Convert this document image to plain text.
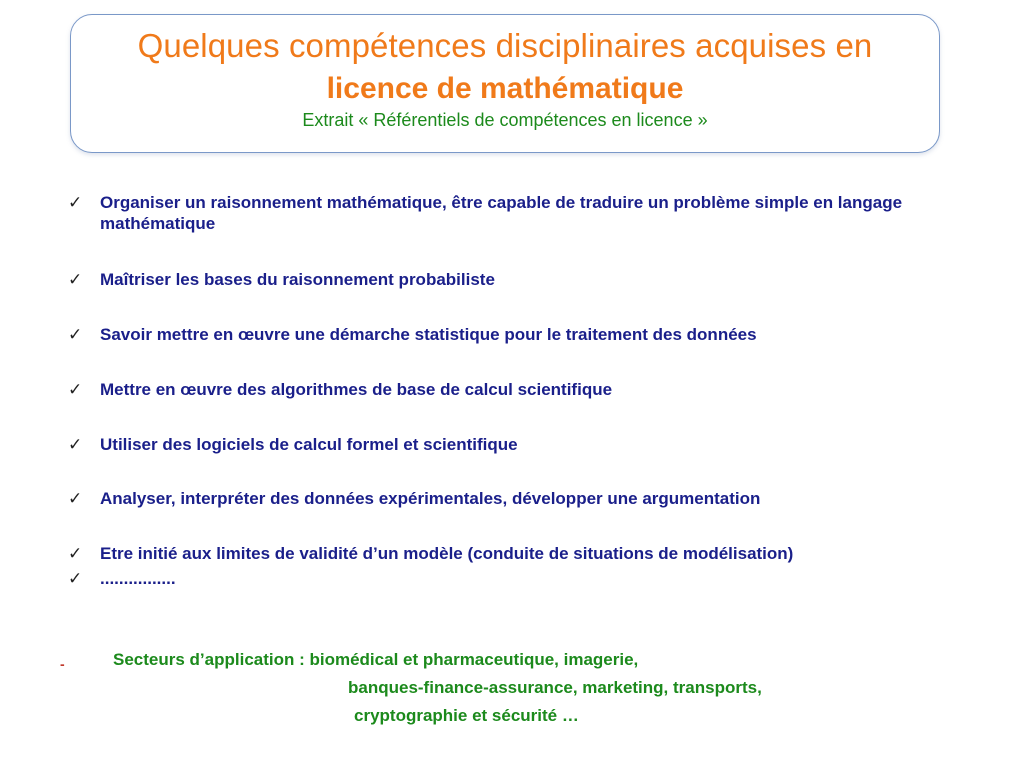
Quelques compétences disciplinaires acquises en
licence de mathématique
Extrait « Référentiels de compétences en licence »
✓ Organiser un raisonnement mathématique, être capable de traduire un problème simple en langage mathématique
✓ Maîtriser les bases du raisonnement probabiliste
✓ Savoir mettre en œuvre une démarche statistique pour le traitement des données
✓ Mettre en œuvre des algorithmes de base de calcul scientifique
✓ Utiliser des logiciels de calcul formel et scientifique
✓ Analyser, interpréter des données expérimentales, développer une argumentation
✓ Etre initié aux limites de validité d’un modèle (conduite de situations de modélisation)
✓ ................
-	Secteurs d’application : biomédical et pharmaceutique, imagerie,
banques-finance-assurance, marketing, transports,
cryptographie et sécurité …
